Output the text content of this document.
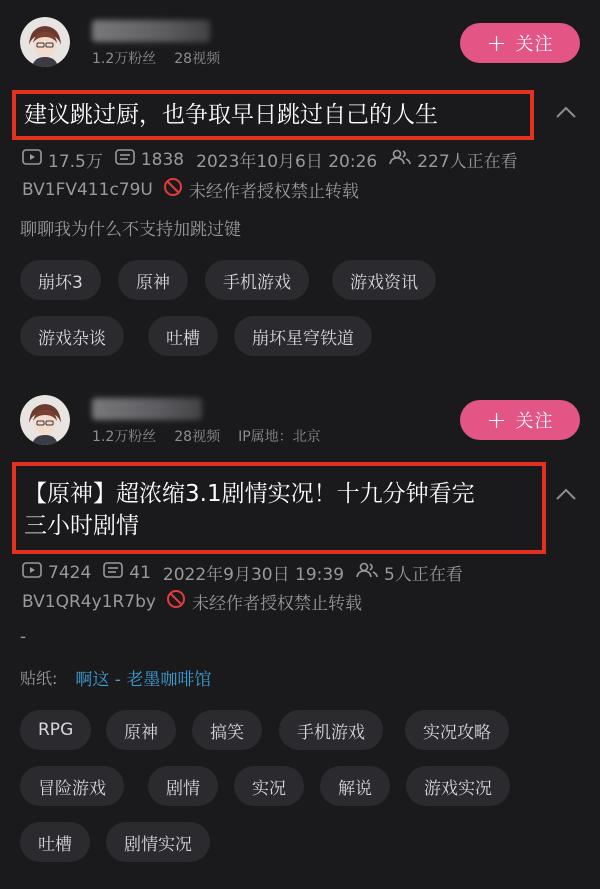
1.2万粉丝 28视频
+ 关注
建议跳过厨，也争取早日跳过自己的人生
17.5万 1838 2023年10月6日 20:26 227人正在看
BV1FV411c79U 未经作者授权禁止转载
聊聊我为什么不支持加跳过键
崩坏3	原神	手机游戏	游戏资讯
游戏杂谈	吐槽	崩坏星穹铁道
1.2万粉丝 28视频 IP属地：北京
+ 关注
【原神】超浓缩3.1剧情实况！十九分钟看完
三小时剧情
7424 41 2022年9月30日 19:39 5人正在看
BV1QR4y1R7by 未经作者授权禁止转载
-
贴纸: 啊这 - 老墨咖啡馆
RPG	原神	搞笑	手机游戏	实况攻略
冒险游戏	剧情	实况	解说	游戏实况
吐槽	剧情实况
